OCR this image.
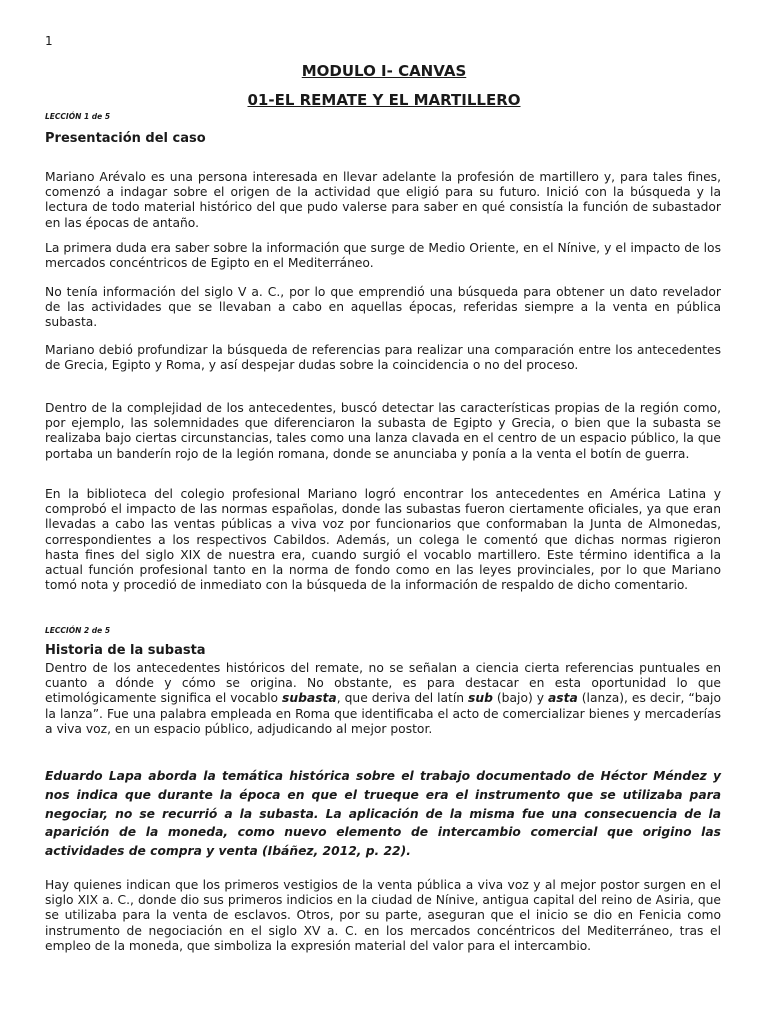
1
MODULO I- CANVAS
01-EL REMATE Y EL MARTILLERO
LECCIÓN 1 de 5
Presentación del caso

Mariano Arévalo es una persona interesada en llevar adelante la profesión de martillero y, para tales fines, comenzó a indagar sobre el origen de la actividad que eligió para su futuro. Inició con la búsqueda y la lectura de todo material histórico del que pudo valerse para saber en qué consistía la función de subastador en las épocas de antaño.

La primera duda era saber sobre la información que surge de Medio Oriente, en el Nínive, y el impacto de los mercados concéntricos de Egipto en el Mediterráneo.

No tenía información del siglo V a. C., por lo que emprendió una búsqueda para obtener un dato revelador de las actividades que se llevaban a cabo en aquellas épocas, referidas siempre a la venta en pública subasta.

Mariano debió profundizar la búsqueda de referencias para realizar una comparación entre los antecedentes de Grecia, Egipto y Roma, y así despejar dudas sobre la coincidencia o no del proceso.

Dentro de la complejidad de los antecedentes, buscó detectar las características propias de la región como, por ejemplo, las solemnidades que diferenciaron la subasta de Egipto y Grecia, o bien que la subasta se realizaba bajo ciertas circunstancias, tales como una lanza clavada en el centro de un espacio público, la que portaba un banderín rojo de la legión romana, donde se anunciaba y ponía a la venta el botín de guerra.

En la biblioteca del colegio profesional Mariano logró encontrar los antecedentes en América Latina y comprobó el impacto de las normas españolas, donde las subastas fueron ciertamente oficiales, ya que eran llevadas a cabo las ventas públicas a viva voz por funcionarios que conformaban la Junta de Almonedas, correspondientes a los respectivos Cabildos. Además, un colega le comentó que dichas normas rigieron hasta fines del siglo XIX de nuestra era, cuando surgió el vocablo martillero. Este término identifica a la actual función profesional tanto en la norma de fondo como en las leyes provinciales, por lo que Mariano tomó nota y procedió de inmediato con la búsqueda de la información de respaldo de dicho comentario.

LECCIÓN 2 de 5
Historia de la subasta

Dentro de los antecedentes históricos del remate, no se señalan a ciencia cierta referencias puntuales en cuanto a dónde y cómo se origina. No obstante, es para destacar en esta oportunidad lo que etimológicamente significa el vocablo subasta, que deriva del latín sub (bajo) y asta (lanza), es decir, “bajo la lanza”. Fue una palabra empleada en Roma que identificaba el acto de comercializar bienes y mercaderías a viva voz, en un espacio público, adjudicando al mejor postor.

Eduardo Lapa aborda la temática histórica sobre el trabajo documentado de Héctor Méndez y nos indica que durante la época en que el trueque era el instrumento que se utilizaba para negociar, no se recurrió a la subasta. La aplicación de la misma fue una consecuencia de la aparición de la moneda, como nuevo elemento de intercambio comercial que origino las actividades de compra y venta (Ibáñez, 2012, p. 22).

Hay quienes indican que los primeros vestigios de la venta pública a viva voz y al mejor postor surgen en el siglo XIX a. C., donde dio sus primeros indicios en la ciudad de Nínive, antigua capital del reino de Asiria, que se utilizaba para la venta de esclavos. Otros, por su parte, aseguran que el inicio se dio en Fenicia como instrumento de negociación en el siglo XV a. C. en los mercados concéntricos del Mediterráneo, tras el empleo de la moneda, que simboliza la expresión material del valor para el intercambio.
